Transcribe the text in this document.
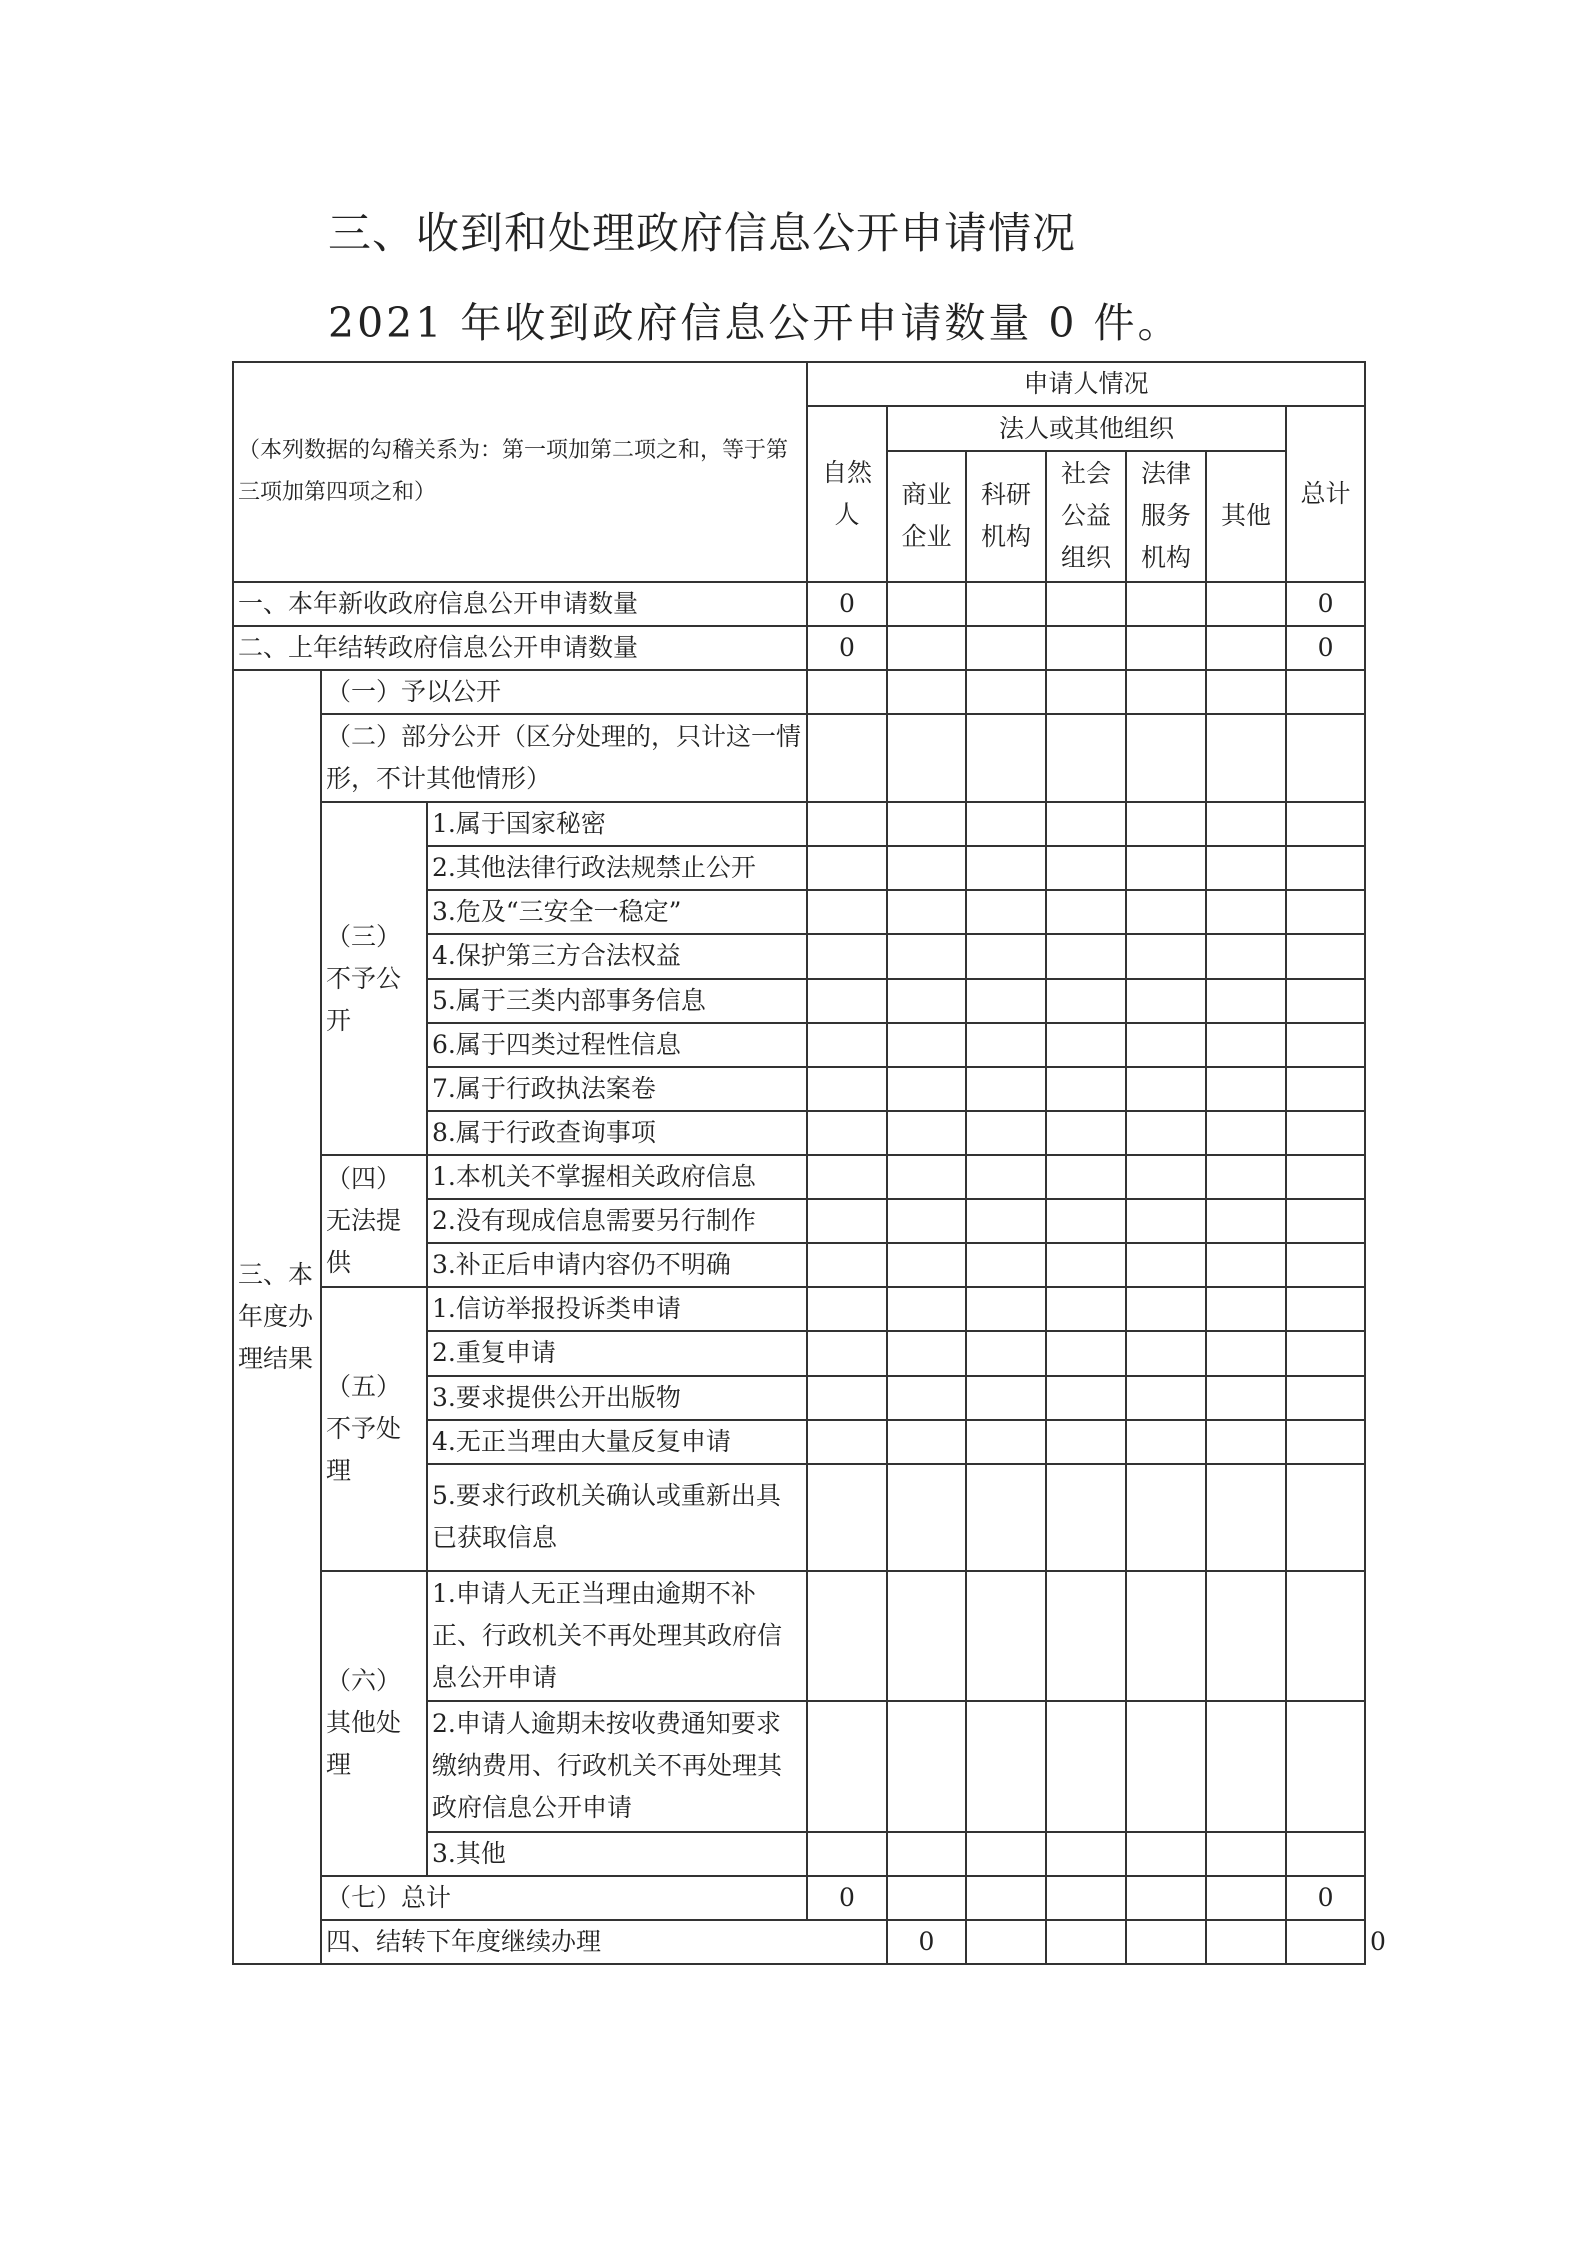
三、收到和处理政府信息公开申请情况
2021 年收到政府信息公开申请数量 0 件。
（本列数据的勾稽关系为：第一项加第二项之和，等于第三项加第四项之和）			申请人情况							
			自然人	法人或其他组织					总计	
				商业企业	科研机构	社会公益组织	法律服务机构	其他		
一、本年新收政府信息公开申请数量			0						0	
二、上年结转政府信息公开申请数量			0						0	
三、本年度办理结果	（一）予以公开									
	（二）部分公开（区分处理的，只计这一情形，不计其他情形）									
	（三）不予公开	1.属于国家秘密								
		2.其他法律行政法规禁止公开								
		3.危及“三安全一稳定”								
		4.保护第三方合法权益								
		5.属于三类内部事务信息								
		6.属于四类过程性信息								
		7.属于行政执法案卷								
		8.属于行政查询事项								
	（四）无法提供	1.本机关不掌握相关政府信息								
		2.没有现成信息需要另行制作								
		3.补正后申请内容仍不明确								
	（五）不予处理	1.信访举报投诉类申请								
		2.重复申请								
		3.要求提供公开出版物								
		4.无正当理由大量反复申请								
		5.要求行政机关确认或重新出具已获取信息								
	（六）其他处理	1.申请人无正当理由逾期不补正、行政机关不再处理其政府信息公开申请								
		2.申请人逾期未按收费通知要求缴纳费用、行政机关不再处理其政府信息公开申请								
		3.其他								
	（七）总计		0						0	
	四、结转下年度继续办理			0						0
